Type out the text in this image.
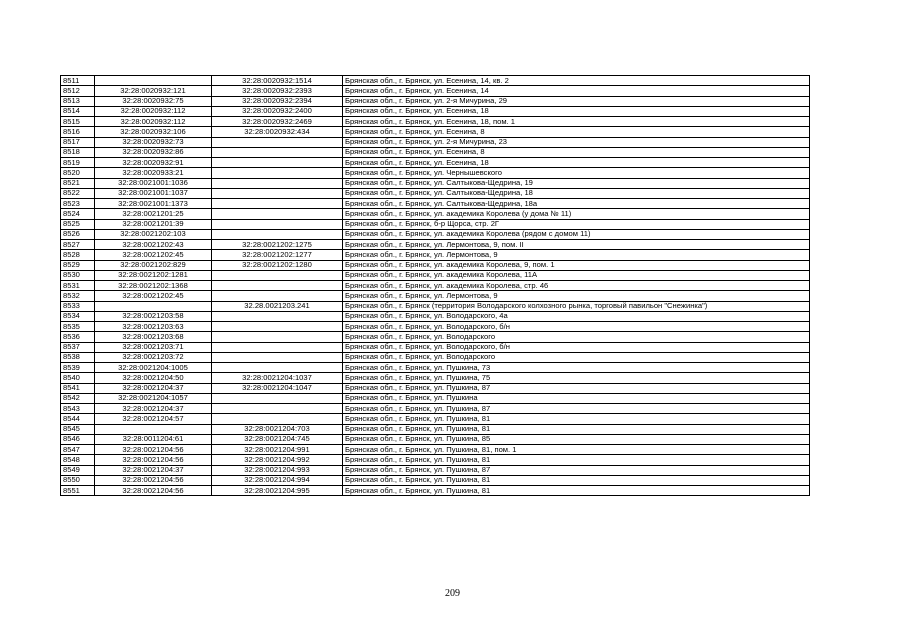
8511		32:28:0020932:1514	Брянская обл., г. Брянск, ул. Есенина, 14, кв. 2
8512	32:28:0020932:121	32:28:0020932:2393	Брянская обл., г. Брянск, ул. Есенина, 14
8513	32:28:0020932:75	32:28:0020932:2394	Брянская обл., г. Брянск, ул. 2-я Мичурина, 29
8514	32:28:0020932:112	32:28:0020932:2400	Брянская обл., г. Брянск, ул. Есенина, 18
8515	32:28:0020932:112	32:28:0020932:2469	Брянская обл., г. Брянск, ул. Есенина, 18, пом. 1
8516	32:28:0020932:106	32:28:0020932:434	Брянская обл., г. Брянск, ул. Есенина, 8
8517	32:28:0020932:73		Брянская обл., г. Брянск, ул. 2-я Мичурина, 23
8518	32:28:0020932:86		Брянская обл., г. Брянск, ул. Есенина, 8
8519	32:28:0020932:91		Брянская обл., г. Брянск, ул. Есенина, 18
8520	32:28:0020933:21		Брянская обл., г. Брянск, ул. Чернышевского
8521	32:28:0021001:1036		Брянская обл., г. Брянск, ул. Салтыкова-Щедрина, 19
8522	32:28:0021001:1037		Брянская обл., г. Брянск, ул. Салтыкова-Щедрина, 18
8523	32:28:0021001:1373		Брянская обл., г. Брянск, ул. Салтыкова-Щедрина, 18а
8524	32:28:0021201:25		Брянская обл., г. Брянск, ул. академика Королева (у дома № 11)
8525	32:28:0021201:39		Брянская обл., г. Брянск, б-р Щорса, стр. 2Г
8526	32:28:0021202:103		Брянская обл., г. Брянск, ул. академика Королева (рядом с домом 11)
8527	32:28:0021202:43	32:28:0021202:1275	Брянская обл., г. Брянск, ул. Лермонтова, 9, пом. II
8528	32:28:0021202:45	32:28:0021202:1277	Брянская обл., г. Брянск, ул. Лермонтова, 9
8529	32:28:0021202:829	32:28:0021202:1280	Брянская обл., г. Брянск, ул. академика Королева, 9, пом. 1
8530	32:28:0021202:1281		Брянская обл., г. Брянск, ул. академика Королева, 11А
8531	32:28:0021202:1368		Брянская обл., г. Брянск, ул. академика Королева, стр. 46
8532	32:28:0021202:45		Брянская обл., г. Брянск, ул. Лермонтова, 9
8533		32.28.0021203.241	Брянская обл., г. Брянск (территория Володарского колхозного рынка, торговый павильон "Снежинка")
8534	32:28:0021203:58		Брянская обл., г. Брянск, ул. Володарского, 4а
8535	32:28:0021203:63		Брянская обл., г. Брянск, ул. Володарского, б/н
8536	32:28:0021203:68		Брянская обл., г. Брянск, ул. Володарского
8537	32:28:0021203:71		Брянская обл., г. Брянск, ул. Володарского, б/н
8538	32:28:0021203:72		Брянская обл., г. Брянск, ул. Володарского
8539	32:28:0021204:1005		Брянская обл., г. Брянск, ул. Пушкина, 73
8540	32:28:0021204:50	32:28:0021204:1037	Брянская обл., г. Брянск, ул. Пушкина, 75
8541	32:28:0021204:37	32:28:0021204:1047	Брянская обл., г. Брянск, ул. Пушкина, 87
8542	32:28:0021204:1057		Брянская обл., г. Брянск, ул. Пушкина
8543	32:28:0021204:37		Брянская обл., г. Брянск, ул. Пушкина, 87
8544	32:28:0021204:57		Брянская обл., г. Брянск, ул. Пушкина, 81
8545		32:28:0021204:703	Брянская обл., г. Брянск, ул. Пушкина, 81
8546	32:28:0011204:61	32:28:0021204:745	Брянская обл., г. Брянск, ул. Пушкина, 85
8547	32:28:0021204:56	32:28:0021204:991	Брянская обл., г. Брянск, ул. Пушкина, 81, пом. 1
8548	32:28:0021204:56	32:28:0021204:992	Брянская обл., г. Брянск, ул. Пушкина, 81
8549	32:28:0021204:37	32:28:0021204:993	Брянская обл., г. Брянск, ул. Пушкина, 87
8550	32:28:0021204:56	32:28:0021204:994	Брянская обл., г. Брянск, ул. Пушкина, 81
8551	32:28:0021204:56	32:28:0021204:995	Брянская обл., г. Брянск, ул. Пушкина, 81
209
